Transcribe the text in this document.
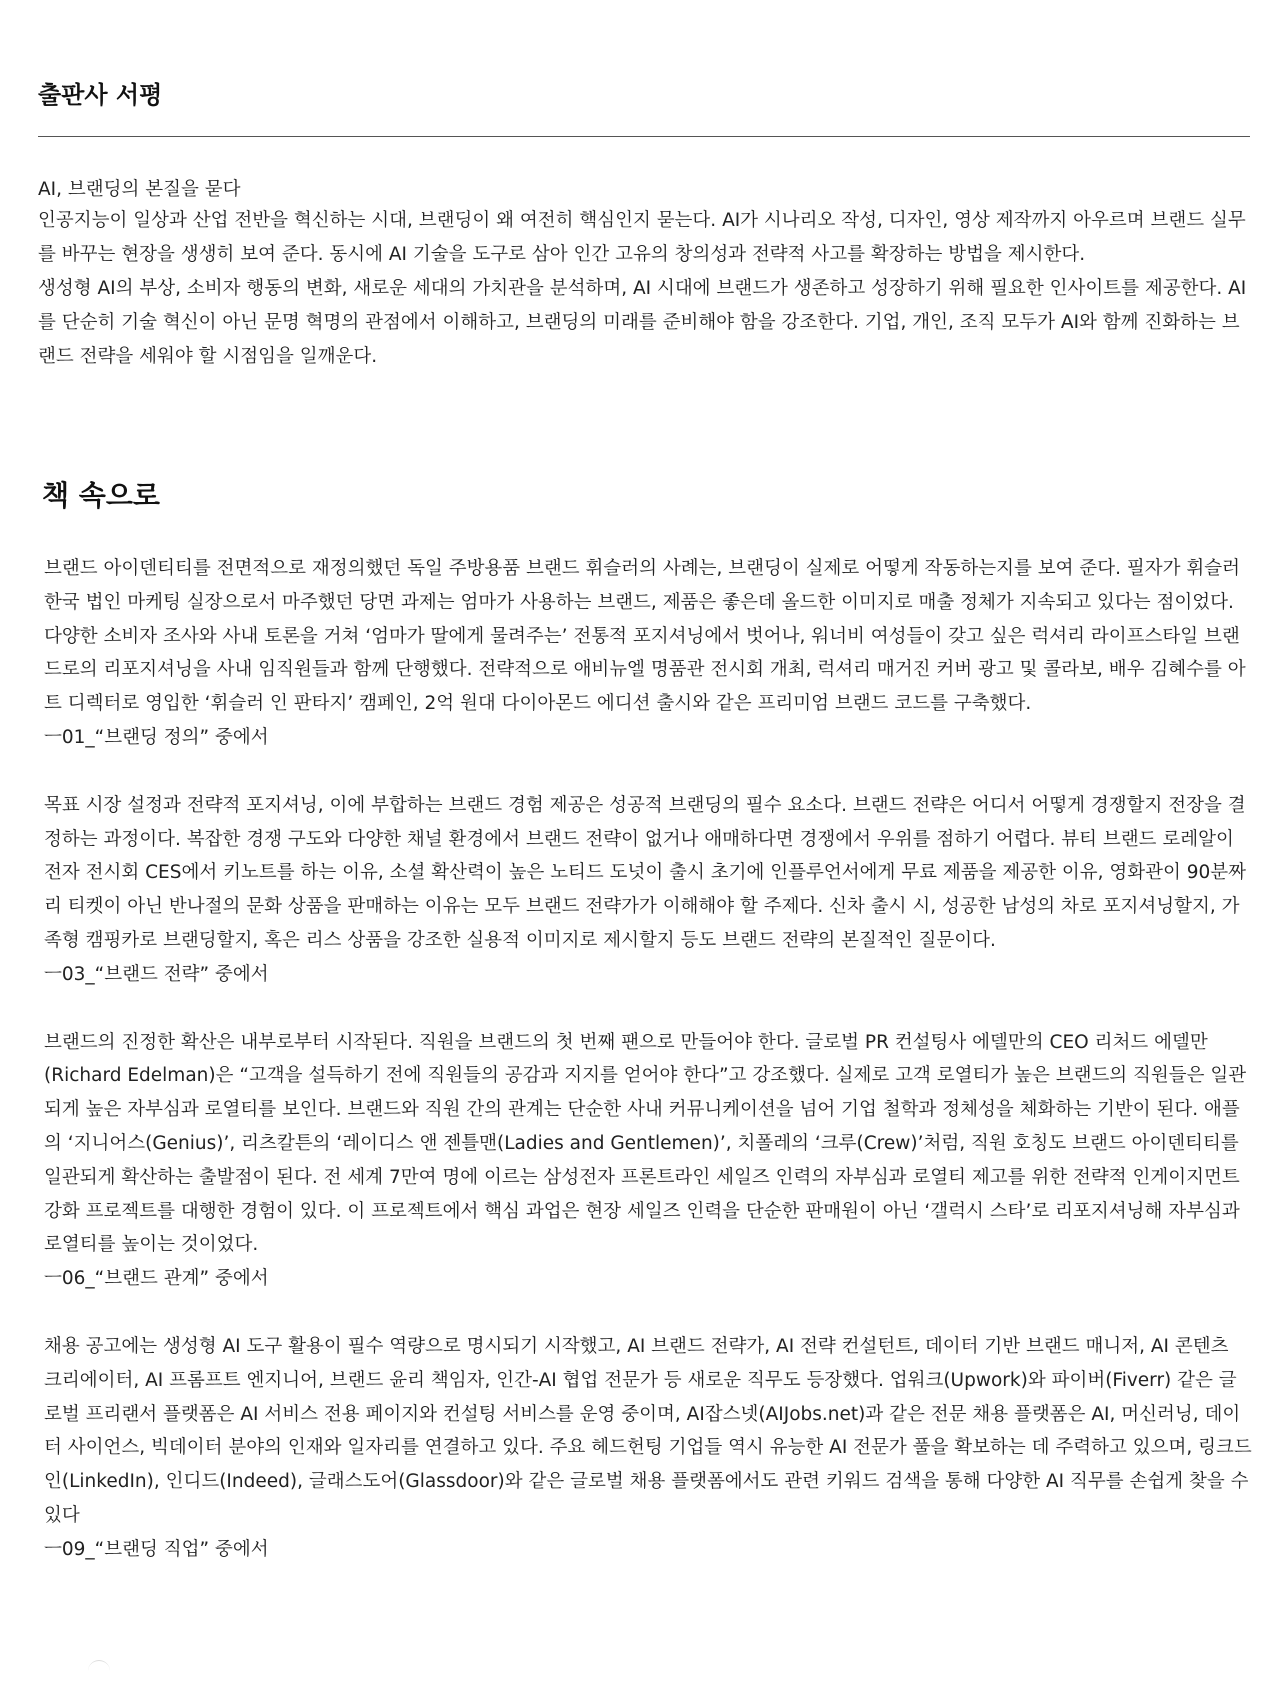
출판사 서평

AI, 브랜딩의 본질을 묻다

인공지능이 일상과 산업 전반을 혁신하는 시대, 브랜딩이 왜 여전히 핵심인지 묻는다. AI가 시나리오 작성, 디자인, 영상 제작까지 아우르며 브랜드 실무를 바꾸는 현장을 생생히 보여 준다. 동시에 AI 기술을 도구로 삼아 인간 고유의 창의성과 전략적 사고를 확장하는 방법을 제시한다.

생성형 AI의 부상, 소비자 행동의 변화, 새로운 세대의 가치관을 분석하며, AI 시대에 브랜드가 생존하고 성장하기 위해 필요한 인사이트를 제공한다. AI를 단순히 기술 혁신이 아닌 문명 혁명의 관점에서 이해하고, 브랜딩의 미래를 준비해야 함을 강조한다. 기업, 개인, 조직 모두가 AI와 함께 진화하는 브랜드 전략을 세워야 할 시점임을 일깨운다.

책 속으로

브랜드 아이덴티티를 전면적으로 재정의했던 독일 주방용품 브랜드 휘슬러의 사례는, 브랜딩이 실제로 어떻게 작동하는지를 보여 준다. 필자가 휘슬러 한국 법인 마케팅 실장으로서 마주했던 당면 과제는 엄마가 사용하는 브랜드, 제품은 좋은데 올드한 이미지로 매출 정체가 지속되고 있다는 점이었다. 다양한 소비자 조사와 사내 토론을 거쳐 ‘엄마가 딸에게 물려주는’ 전통적 포지셔닝에서 벗어나, 워너비 여성들이 갖고 싶은 럭셔리 라이프스타일 브랜드로의 리포지셔닝을 사내 임직원들과 함께 단행했다. 전략적으로 애비뉴엘 명품관 전시회 개최, 럭셔리 매거진 커버 광고 및 콜라보, 배우 김혜수를 아트 디렉터로 영입한 ‘휘슬러 인 판타지’ 캠페인, 2억 원대 다이아몬드 에디션 출시와 같은 프리미엄 브랜드 코드를 구축했다.

ㅡ01_“브랜딩 정의” 중에서

목표 시장 설정과 전략적 포지셔닝, 이에 부합하는 브랜드 경험 제공은 성공적 브랜딩의 필수 요소다. 브랜드 전략은 어디서 어떻게 경쟁할지 전장을 결정하는 과정이다. 복잡한 경쟁 구도와 다양한 채널 환경에서 브랜드 전략이 없거나 애매하다면 경쟁에서 우위를 점하기 어렵다. 뷰티 브랜드 로레알이 전자 전시회 CES에서 키노트를 하는 이유, 소셜 확산력이 높은 노티드 도넛이 출시 초기에 인플루언서에게 무료 제품을 제공한 이유, 영화관이 90분짜리 티켓이 아닌 반나절의 문화 상품을 판매하는 이유는 모두 브랜드 전략가가 이해해야 할 주제다. 신차 출시 시, 성공한 남성의 차로 포지셔닝할지, 가족형 캠핑카로 브랜딩할지, 혹은 리스 상품을 강조한 실용적 이미지로 제시할지 등도 브랜드 전략의 본질적인 질문이다.

ㅡ03_“브랜드 전략” 중에서

브랜드의 진정한 확산은 내부로부터 시작된다. 직원을 브랜드의 첫 번째 팬으로 만들어야 한다. 글로벌 PR 컨설팅사 에델만의 CEO 리처드 에델만(Richard Edelman)은 “고객을 설득하기 전에 직원들의 공감과 지지를 얻어야 한다”고 강조했다. 실제로 고객 로열티가 높은 브랜드의 직원들은 일관되게 높은 자부심과 로열티를 보인다. 브랜드와 직원 간의 관계는 단순한 사내 커뮤니케이션을 넘어 기업 철학과 정체성을 체화하는 기반이 된다. 애플의 ‘지니어스(Genius)’, 리츠칼튼의 ‘레이디스 앤 젠틀맨(Ladies and Gentlemen)’, 치폴레의 ‘크루(Crew)’처럼, 직원 호칭도 브랜드 아이덴티티를 일관되게 확산하는 출발점이 된다. 전 세계 7만여 명에 이르는 삼성전자 프론트라인 세일즈 인력의 자부심과 로열티 제고를 위한 전략적 인게이지먼트 강화 프로젝트를 대행한 경험이 있다. 이 프로젝트에서 핵심 과업은 현장 세일즈 인력을 단순한 판매원이 아닌 ‘갤럭시 스타’로 리포지셔닝해 자부심과 로열티를 높이는 것이었다.

ㅡ06_“브랜드 관계” 중에서

채용 공고에는 생성형 AI 도구 활용이 필수 역량으로 명시되기 시작했고, AI 브랜드 전략가, AI 전략 컨설턴트, 데이터 기반 브랜드 매니저, AI 콘텐츠 크리에이터, AI 프롬프트 엔지니어, 브랜드 윤리 책임자, 인간-AI 협업 전문가 등 새로운 직무도 등장했다. 업워크(Upwork)와 파이버(Fiverr) 같은 글로벌 프리랜서 플랫폼은 AI 서비스 전용 페이지와 컨설팅 서비스를 운영 중이며, AI잡스넷(AIJobs.net)과 같은 전문 채용 플랫폼은 AI, 머신러닝, 데이터 사이언스, 빅데이터 분야의 인재와 일자리를 연결하고 있다. 주요 헤드헌팅 기업들 역시 유능한 AI 전문가 풀을 확보하는 데 주력하고 있으며, 링크드인(LinkedIn), 인디드(Indeed), 글래스도어(Glassdoor)와 같은 글로벌 채용 플랫폼에서도 관련 키워드 검색을 통해 다양한 AI 직무를 손쉽게 찾을 수 있다

ㅡ09_“브랜딩 직업” 중에서
